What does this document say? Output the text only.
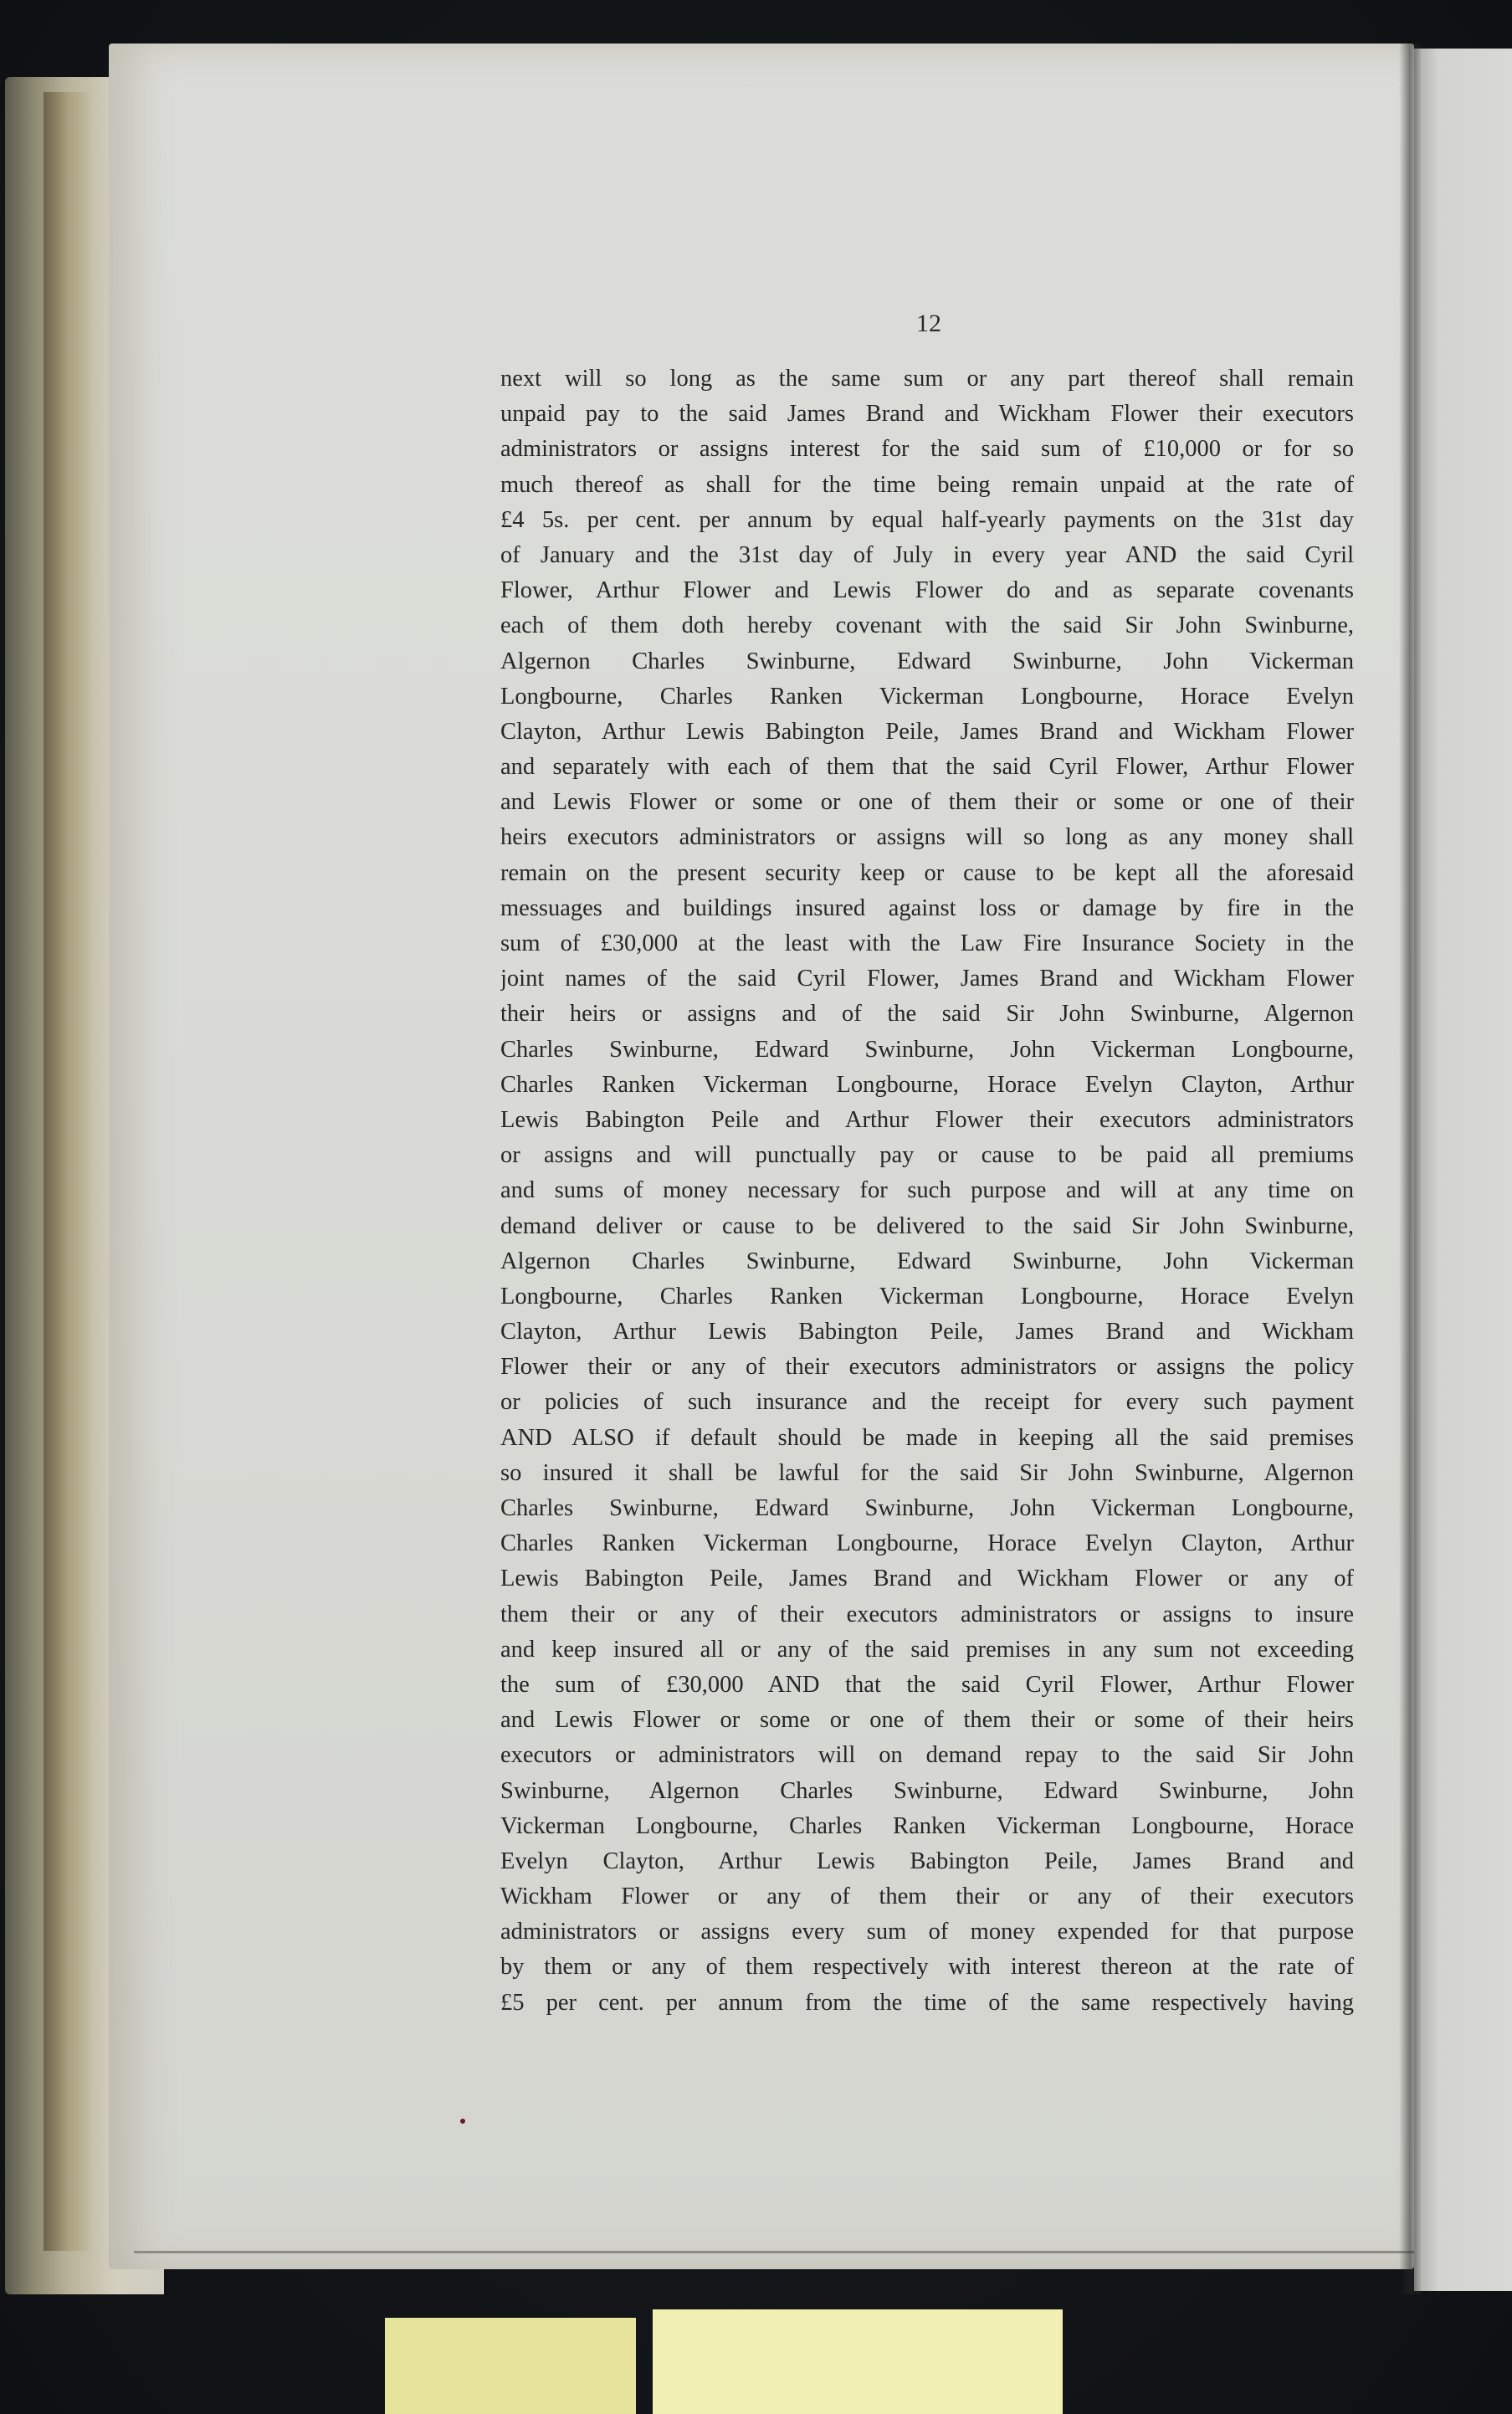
12
next will so long as the same sum or any part thereof shall remain
unpaid pay to the said James Brand and Wickham Flower their executors
administrators or assigns interest for the said sum of £10,000 or for so
much thereof as shall for the time being remain unpaid at the rate of
£4 5s. per cent. per annum by equal half-yearly payments on the 31st day
of January and the 31st day of July in every year AND the said Cyril
Flower, Arthur Flower and Lewis Flower do and as separate covenants
each of them doth hereby covenant with the said Sir John Swinburne,
Algernon Charles Swinburne, Edward Swinburne, John Vickerman
Longbourne, Charles Ranken Vickerman Longbourne, Horace Evelyn
Clayton, Arthur Lewis Babington Peile, James Brand and Wickham Flower
and separately with each of them that the said Cyril Flower, Arthur Flower
and Lewis Flower or some or one of them their or some or one of their
heirs executors administrators or assigns will so long as any money shall
remain on the present security keep or cause to be kept all the aforesaid
messuages and buildings insured against loss or damage by fire in the
sum of £30,000 at the least with the Law Fire Insurance Society in the
joint names of the said Cyril Flower, James Brand and Wickham Flower
their heirs or assigns and of the said Sir John Swinburne, Algernon
Charles Swinburne, Edward Swinburne, John Vickerman Longbourne,
Charles Ranken Vickerman Longbourne, Horace Evelyn Clayton, Arthur
Lewis Babington Peile and Arthur Flower their executors administrators
or assigns and will punctually pay or cause to be paid all premiums
and sums of money necessary for such purpose and will at any time on
demand deliver or cause to be delivered to the said Sir John Swinburne,
Algernon Charles Swinburne, Edward Swinburne, John Vickerman
Longbourne, Charles Ranken Vickerman Longbourne, Horace Evelyn
Clayton, Arthur Lewis Babington Peile, James Brand and Wickham
Flower their or any of their executors administrators or assigns the policy
or policies of such insurance and the receipt for every such payment
AND ALSO if default should be made in keeping all the said premises
so insured it shall be lawful for the said Sir John Swinburne, Algernon
Charles Swinburne, Edward Swinburne, John Vickerman Longbourne,
Charles Ranken Vickerman Longbourne, Horace Evelyn Clayton, Arthur
Lewis Babington Peile, James Brand and Wickham Flower or any of
them their or any of their executors administrators or assigns to insure
and keep insured all or any of the said premises in any sum not exceeding
the sum of £30,000 AND that the said Cyril Flower, Arthur Flower
and Lewis Flower or some or one of them their or some of their heirs
executors or administrators will on demand repay to the said Sir John
Swinburne, Algernon Charles Swinburne, Edward Swinburne, John
Vickerman Longbourne, Charles Ranken Vickerman Longbourne, Horace
Evelyn Clayton, Arthur Lewis Babington Peile, James Brand and
Wickham Flower or any of them their or any of their executors
administrators or assigns every sum of money expended for that purpose
by them or any of them respectively with interest thereon at the rate of
£5 per cent. per annum from the time of the same respectively having
